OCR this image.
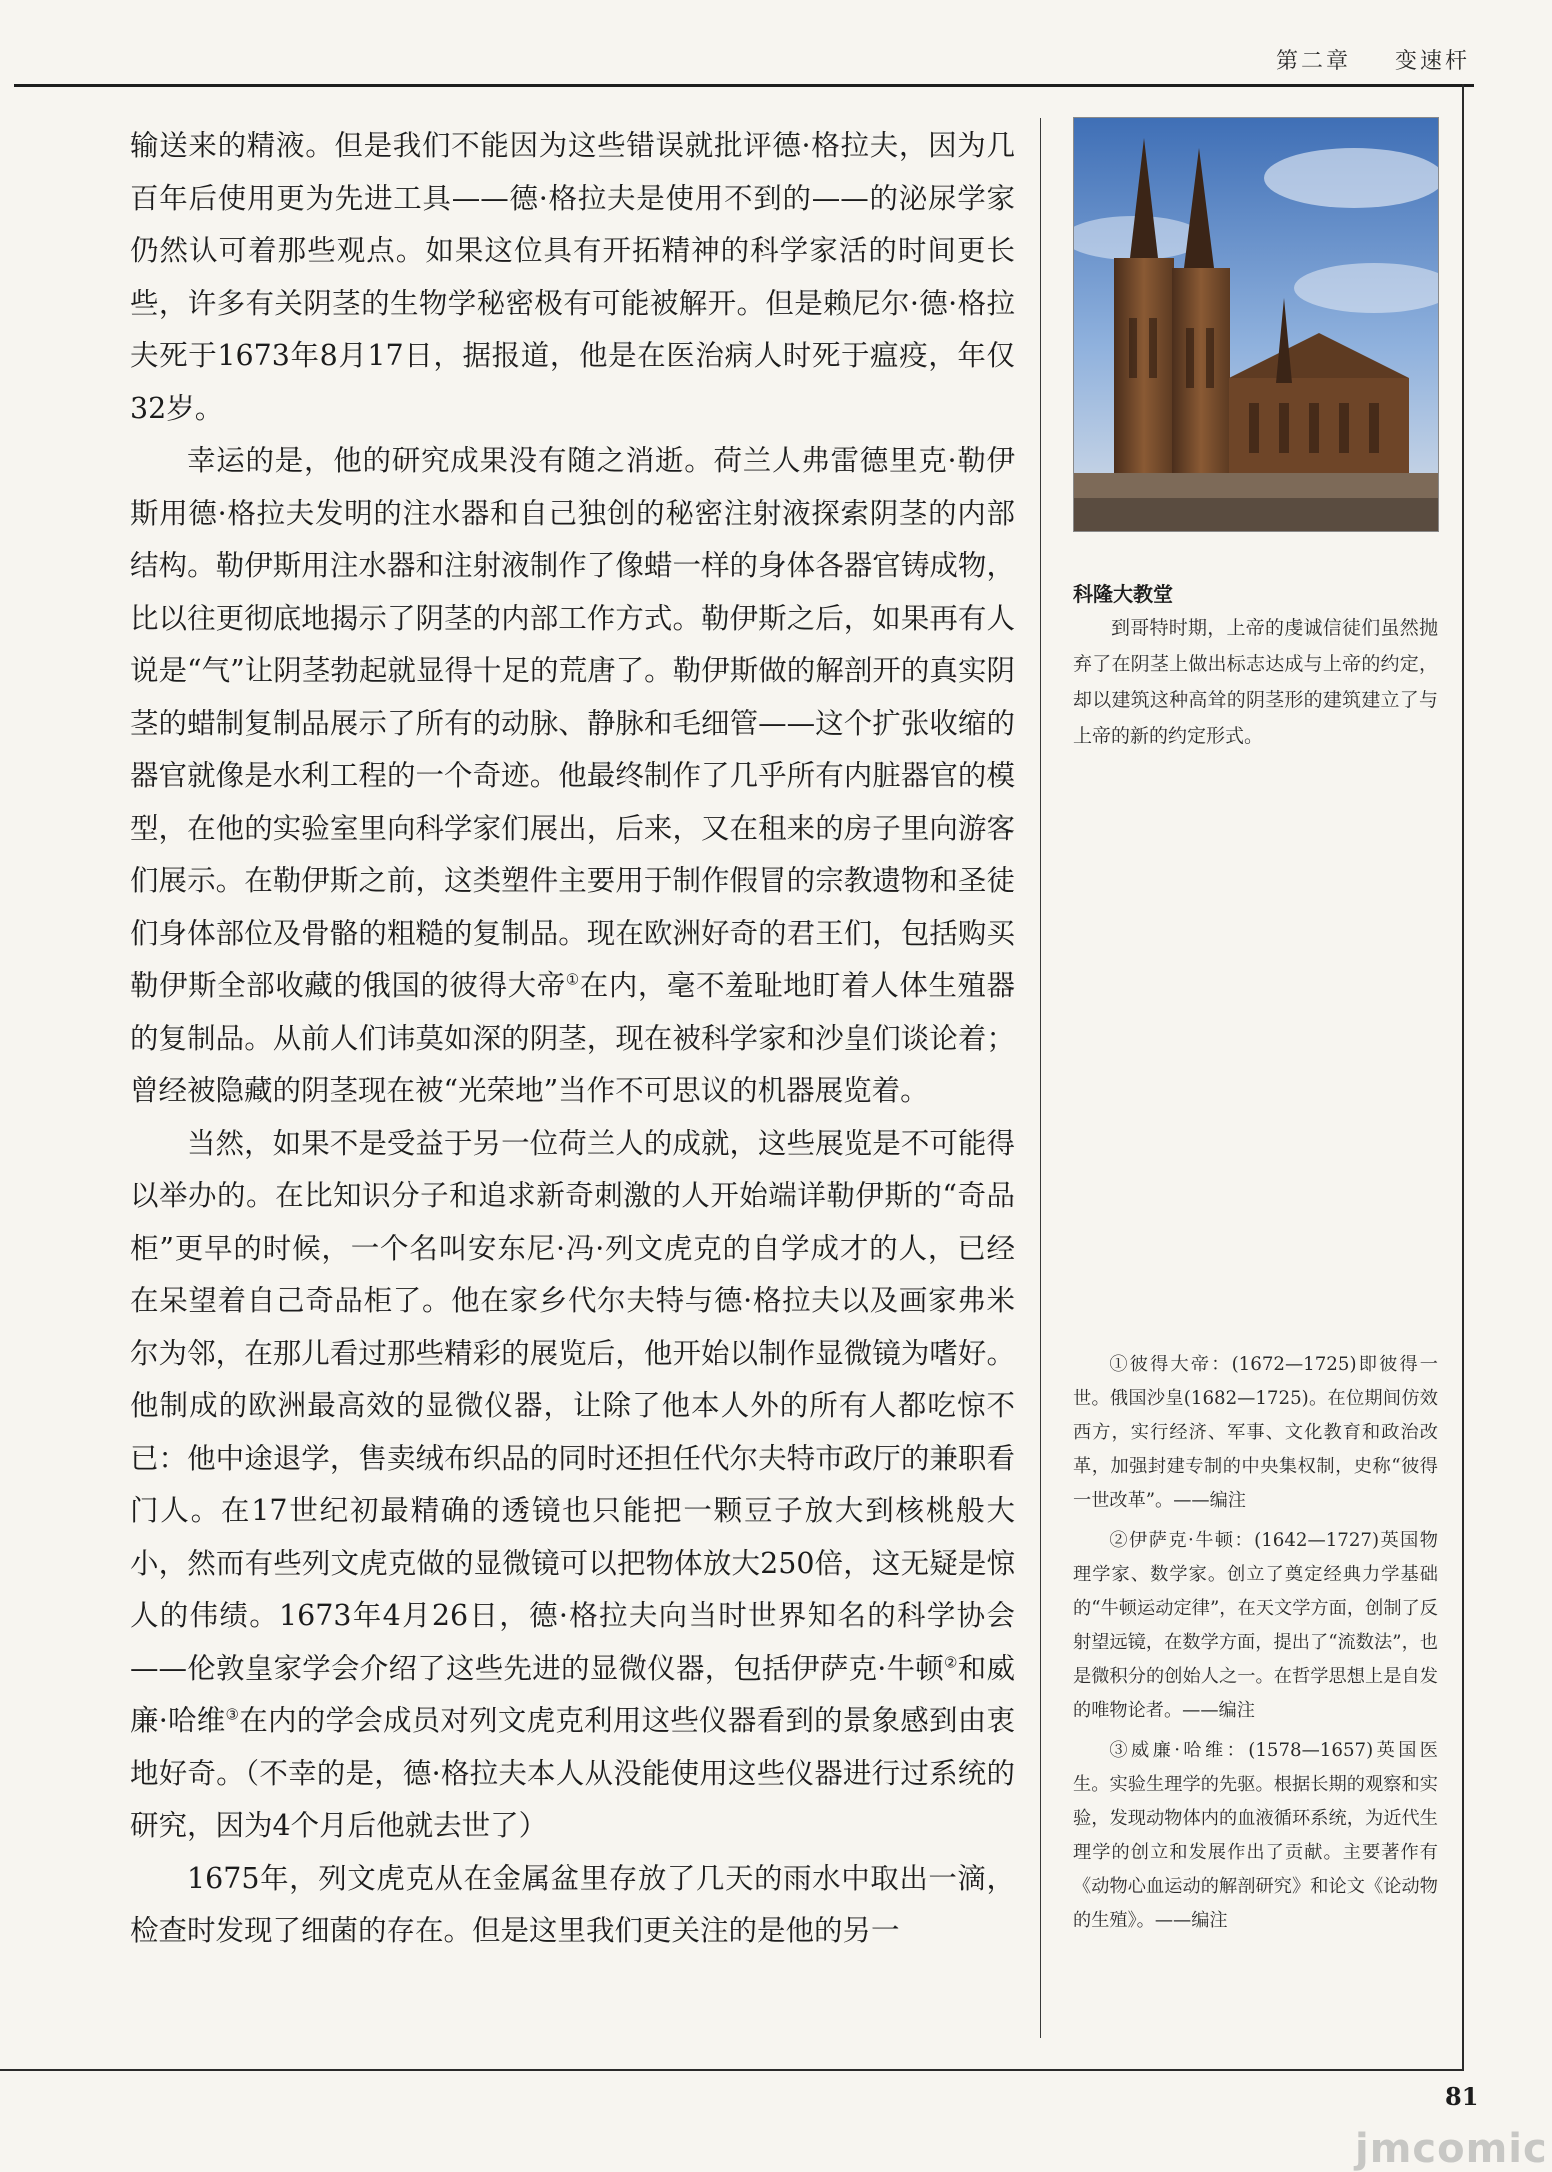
第二章 变速杆

输送来的精液。但是我们不能因为这些错误就批评德·格拉夫，因为几百年后使用更为先进工具——德·格拉夫是使用不到的——的泌尿学家仍然认可着那些观点。如果这位具有开拓精神的科学家活的时间更长些，许多有关阴茎的生物学秘密极有可能被解开。但是赖尼尔·德·格拉夫死于1673年8月17日，据报道，他是在医治病人时死于瘟疫，年仅32岁。

幸运的是，他的研究成果没有随之消逝。荷兰人弗雷德里克·勒伊斯用德·格拉夫发明的注水器和自己独创的秘密注射液探索阴茎的内部结构。勒伊斯用注水器和注射液制作了像蜡一样的身体各器官铸成物，比以往更彻底地揭示了阴茎的内部工作方式。勒伊斯之后，如果再有人说是“气”让阴茎勃起就显得十足的荒唐了。勒伊斯做的解剖开的真实阴茎的蜡制复制品展示了所有的动脉、静脉和毛细管——这个扩张收缩的器官就像是水利工程的一个奇迹。他最终制作了几乎所有内脏器官的模型，在他的实验室里向科学家们展出，后来，又在租来的房子里向游客们展示。在勒伊斯之前，这类塑件主要用于制作假冒的宗教遗物和圣徒们身体部位及骨骼的粗糙的复制品。现在欧洲好奇的君王们，包括购买勒伊斯全部收藏的俄国的彼得大帝①在内，毫不羞耻地盯着人体生殖器的复制品。从前人们讳莫如深的阴茎，现在被科学家和沙皇们谈论着；曾经被隐藏的阴茎现在被“光荣地”当作不可思议的机器展览着。

当然，如果不是受益于另一位荷兰人的成就，这些展览是不可能得以举办的。在比知识分子和追求新奇刺激的人开始端详勒伊斯的“奇品柜”更早的时候，一个名叫安东尼·冯·列文虎克的自学成才的人，已经在呆望着自己奇品柜了。他在家乡代尔夫特与德·格拉夫以及画家弗米尔为邻，在那儿看过那些精彩的展览后，他开始以制作显微镜为嗜好。他制成的欧洲最高效的显微仪器，让除了他本人外的所有人都吃惊不已：他中途退学，售卖绒布织品的同时还担任代尔夫特市政厅的兼职看门人。在17世纪初最精确的透镜也只能把一颗豆子放大到核桃般大小，然而有些列文虎克做的显微镜可以把物体放大250倍，这无疑是惊人的伟绩。1673年4月26日，德·格拉夫向当时世界知名的科学协会——伦敦皇家学会介绍了这些先进的显微仪器，包括伊萨克·牛顿②和威廉·哈维③在内的学会成员对列文虎克利用这些仪器看到的景象感到由衷地好奇。（不幸的是，德·格拉夫本人从没能使用这些仪器进行过系统的研究，因为4个月后他就去世了）

1675年，列文虎克从在金属盆里存放了几天的雨水中取出一滴，检查时发现了细菌的存在。但是这里我们更关注的是他的另一

科隆大教堂
到哥特时期，上帝的虔诚信徒们虽然抛弃了在阴茎上做出标志达成与上帝的约定，却以建筑这种高耸的阴茎形的建筑建立了与上帝的新的约定形式。

①彼得大帝：(1672—1725)即彼得一世。俄国沙皇(1682—1725)。在位期间仿效西方，实行经济、军事、文化教育和政治改革，加强封建专制的中央集权制，史称“彼得一世改革”。——编注

②伊萨克·牛顿：(1642—1727)英国物理学家、数学家。创立了奠定经典力学基础的“牛顿运动定律”，在天文学方面，创制了反射望远镜，在数学方面，提出了“流数法”，也是微积分的创始人之一。在哲学思想上是自发的唯物论者。——编注

③威廉·哈维：(1578—1657)英国医生。实验生理学的先驱。根据长期的观察和实验，发现动物体内的血液循环系统，为近代生理学的创立和发展作出了贡献。主要著作有《动物心血运动的解剖研究》和论文《论动物的生殖》。——编注

81
jmcomic
